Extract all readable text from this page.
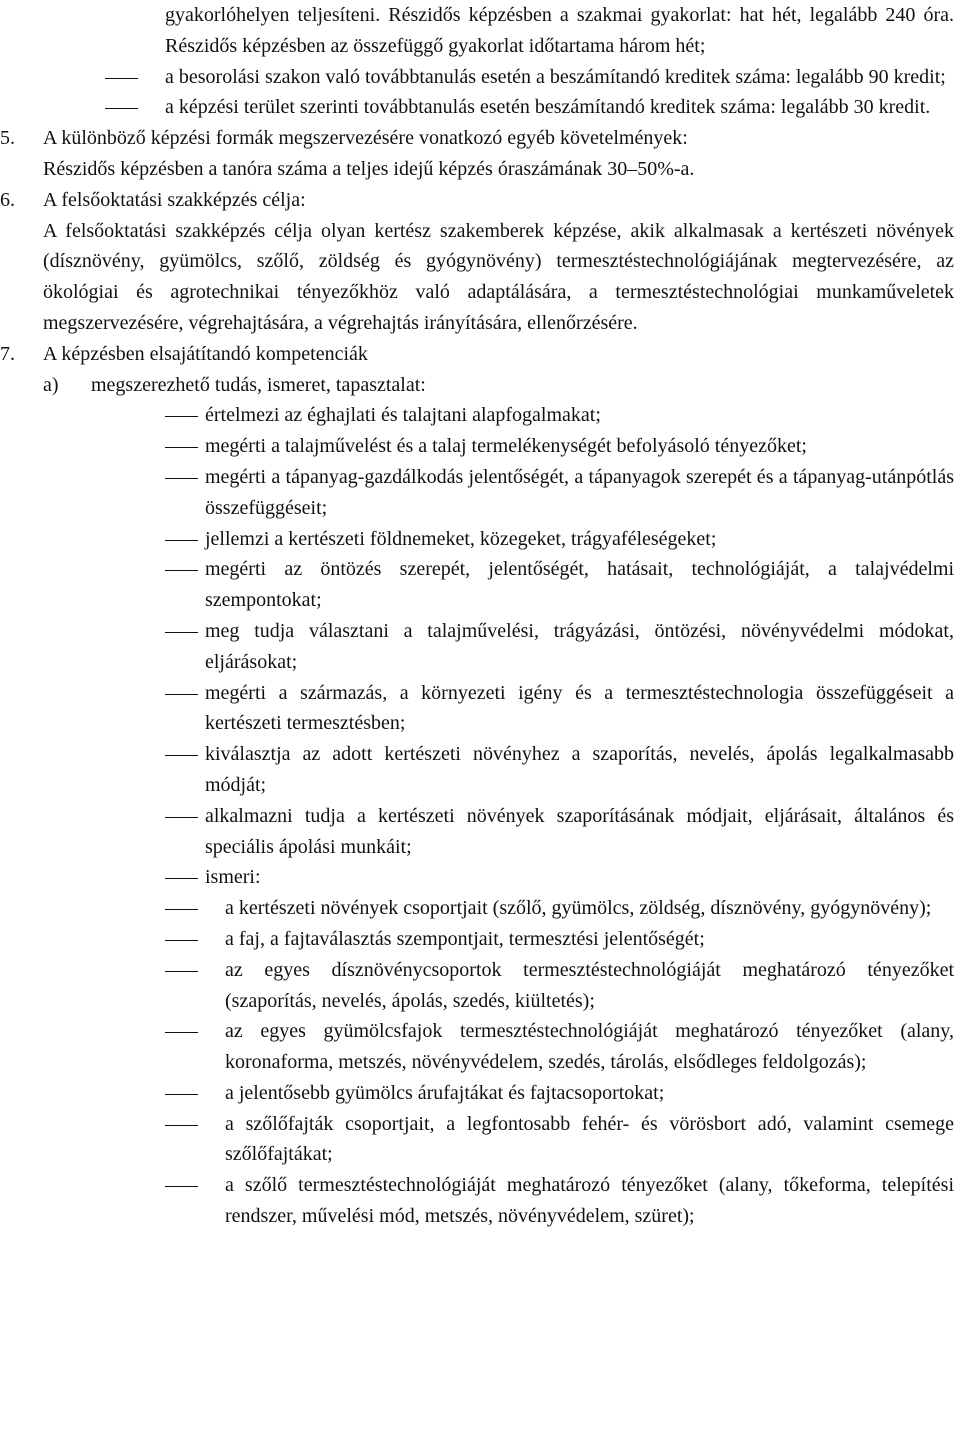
gyakorlóhelyen teljesíteni. Részidős képzésben a szakmai gyakorlat: hat hét, legalább 240 óra. Részidős képzésben az összefüggő gyakorlat időtartama három hét;

a besorolási szakon való továbbtanulás esetén a beszámítandó kreditek száma: legalább 90 kredit;

a képzési terület szerinti továbbtanulás esetén beszámítandó kreditek száma: legalább 30 kredit.

5. A különböző képzési formák megszervezésére vonatkozó egyéb követelmények:

Részidős képzésben a tanóra száma a teljes idejű képzés óraszámának 30–50%-a.

6. A felsőoktatási szakképzés célja:

A felsőoktatási szakképzés célja olyan kertész szakemberek képzése, akik alkalmasak a kertészeti növények (dísznövény, gyümölcs, szőlő, zöldség és gyógynövény) termesztéstechnológiájának megtervezésére, az ökológiai és agrotechnikai tényezőkhöz való adaptálására, a termesztéstechnológiai munkaműveletek megszervezésére, végrehajtására, a végrehajtás irányítására, ellenőrzésére.

7. A képzésben elsajátítandó kompetenciák

a) megszerezhető tudás, ismeret, tapasztalat:

értelmezi az éghajlati és talajtani alapfogalmakat;

megérti a talajművelést és a talaj termelékenységét befolyásoló tényezőket;

megérti a tápanyag-gazdálkodás jelentőségét, a tápanyagok szerepét és a tápanyag-utánpótlás összefüggéseit;

jellemzi a kertészeti földnemeket, közegeket, trágyaféleségeket;

megérti az öntözés szerepét, jelentőségét, hatásait, technológiáját, a talajvédelmi szempontokat;

meg tudja választani a talajművelési, trágyázási, öntözési, növényvédelmi módokat, eljárásokat;

megérti a származás, a környezeti igény és a termesztéstechnologia összefüggéseit a kertészeti termesztésben;

kiválasztja az adott kertészeti növényhez a szaporítás, nevelés, ápolás legalkalmasabb módját;

alkalmazni tudja a kertészeti növények szaporításának módjait, eljárásait, általános és speciális ápolási munkáit;

ismeri:

a kertészeti növények csoportjait (szőlő, gyümölcs, zöldség, dísznövény, gyógynövény);

a faj, a fajtaválasztás szempontjait, termesztési jelentőségét;

az egyes dísznövénycsoportok termesztéstechnológiáját meghatározó tényezőket (szaporítás, nevelés, ápolás, szedés, kiültetés);

az egyes gyümölcsfajok termesztéstechnológiáját meghatározó tényezőket (alany, koronaforma, metszés, növényvédelem, szedés, tárolás, elsődleges feldolgozás);

a jelentősebb gyümölcs árufajtákat és fajtacsoportokat;

a szőlőfajták csoportjait, a legfontosabb fehér- és vörösbort adó, valamint csemege szőlőfajtákat;

a szőlő termesztéstechnológiáját meghatározó tényezőket (alany, tőkeforma, telepítési rendszer, művelési mód, metszés, növényvédelem, szüret);
